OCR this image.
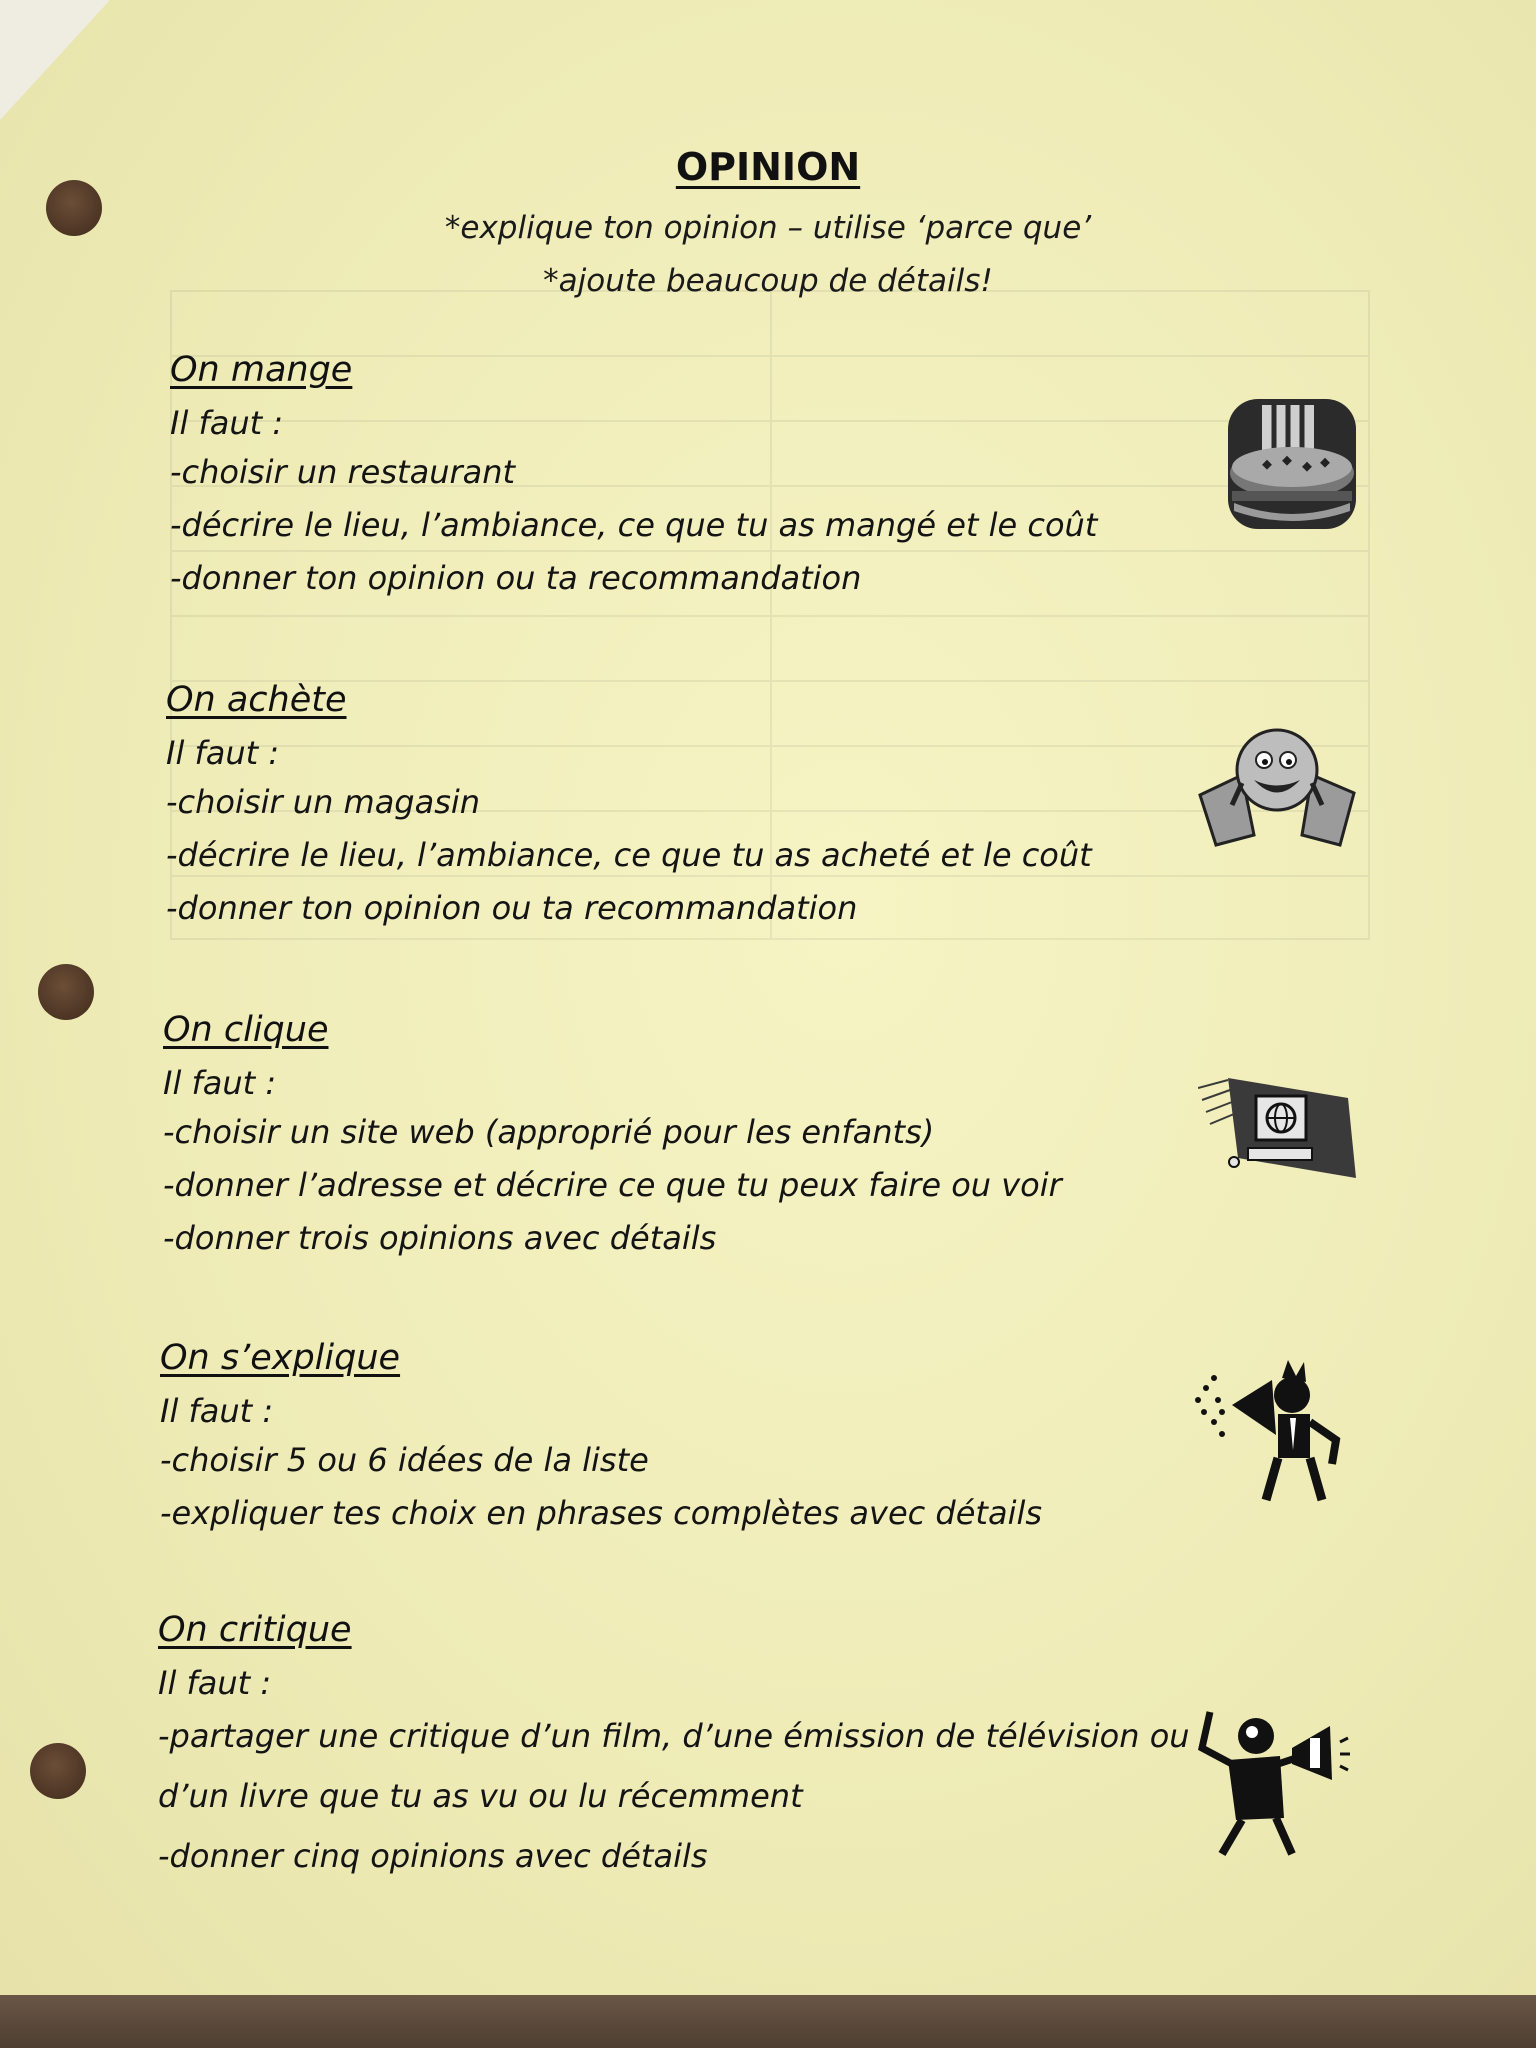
OPINION
*explique ton opinion – utilise ‘parce que’
*ajoute beaucoup de détails!
On mange

Il faut :

-choisir un restaurant

-décrire le lieu, l’ambiance, ce que tu as mangé et le coût

-donner ton opinion ou ta recommandation

On achète

Il faut :

-choisir un magasin

-décrire le lieu, l’ambiance, ce que tu as acheté et le coût

-donner ton opinion ou ta recommandation

On clique

Il faut :

-choisir un site web (approprié pour les enfants)

-donner l’adresse et décrire ce que tu peux faire ou voir

-donner trois opinions avec détails

On s’explique

Il faut :

-choisir 5 ou 6 idées de la liste

-expliquer tes choix en phrases complètes avec détails

On critique

Il faut :

-partager une critique d’un film, d’une émission de télévision ou

d’un livre que tu as vu ou lu récemment

-donner cinq opinions avec détails
